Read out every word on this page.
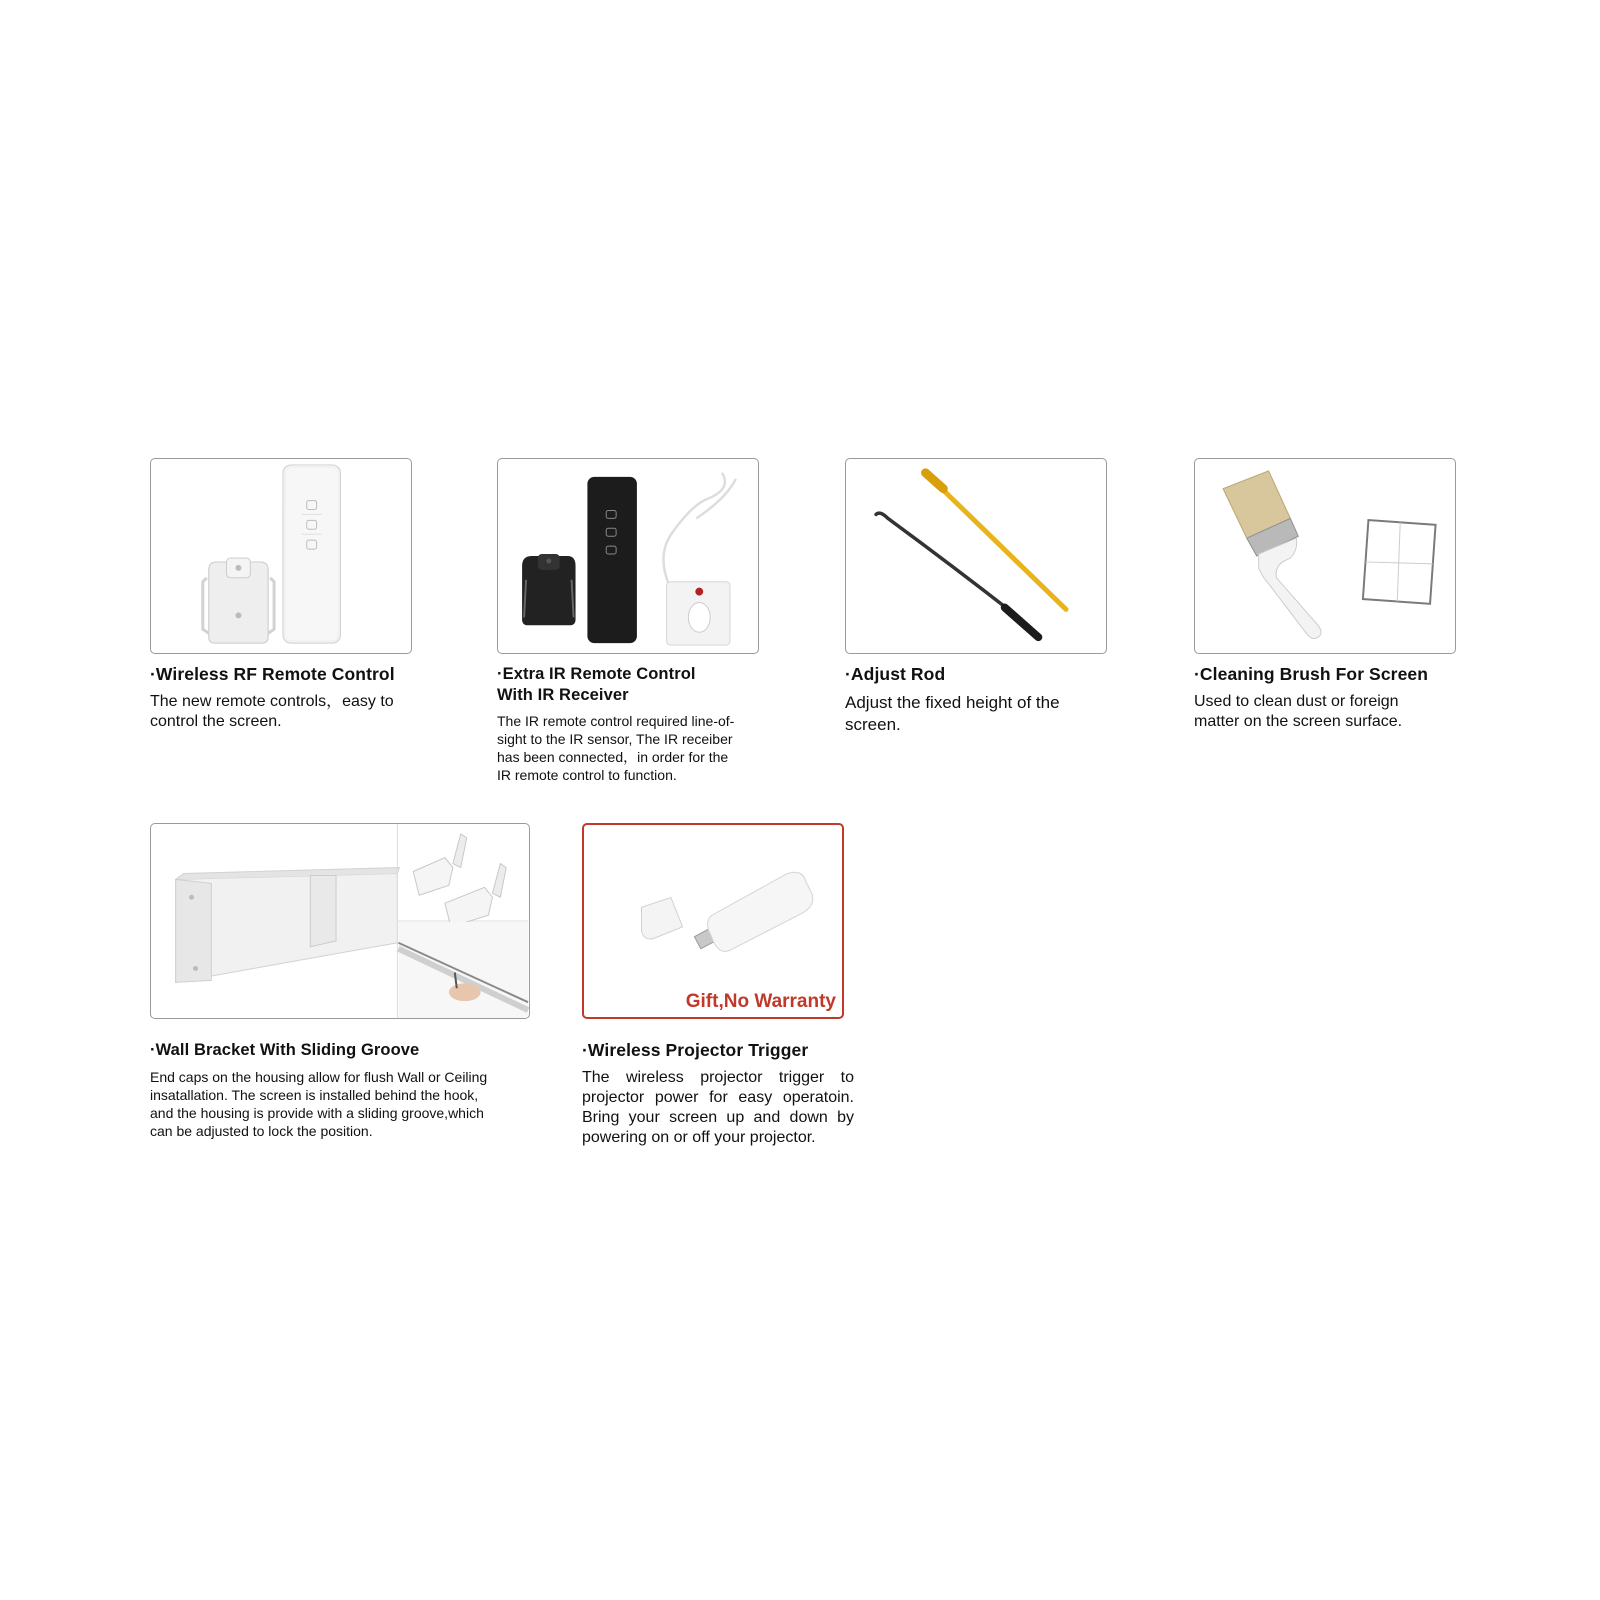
·Wireless RF Remote Control

The new remote controls，easy to
control the screen.

·Extra IR Remote Control
With IR Receiver

The IR remote control required line-of-
sight to the IR sensor, The IR receiber
has been connected，in order for the
IR remote control to function.

·Adjust Rod

Adjust the fixed height of the
screen.

·Cleaning Brush For Screen

Used to clean dust or foreign
matter on the screen surface.

·Wall Bracket With Sliding Groove

End caps on the housing allow for flush Wall or Ceiling
insatallation. The screen is installed behind the hook,
and the housing is provide with a sliding groove,which
can be adjusted to lock the position.

Gift,No Warranty

·Wireless Projector Trigger

The wireless projector trigger to projector power for easy operatoin. Bring your screen up and down by powering on or off your projector.
